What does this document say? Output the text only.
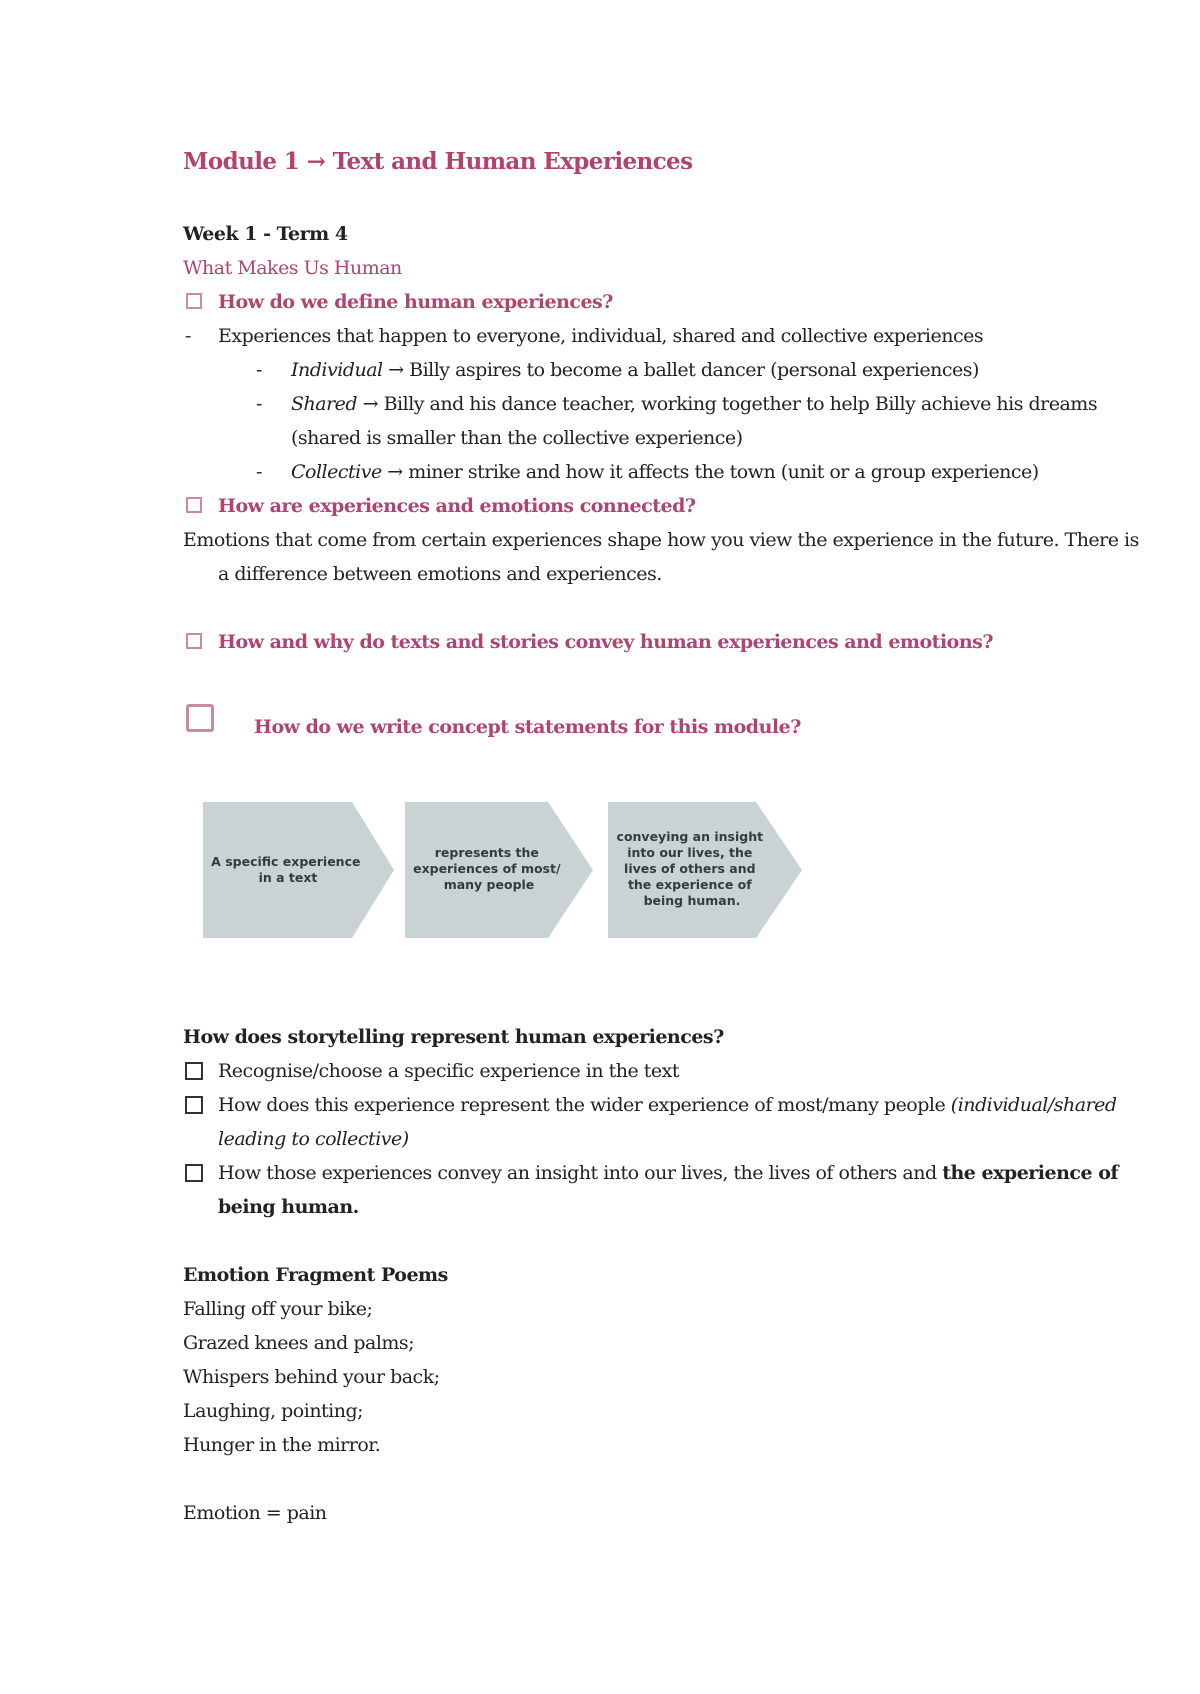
Module 1 → Text and Human Experiences
Week 1 - Term 4
What Makes Us Human
How do we define human experiences?
- Experiences that happen to everyone, individual, shared and collective experiences
- Individual → Billy aspires to become a ballet dancer (personal experiences)
- Shared → Billy and his dance teacher, working together to help Billy achieve his dreams
(shared is smaller than the collective experience)
- Collective → miner strike and how it affects the town (unit or a group experience)
How are experiences and emotions connected?
Emotions that come from certain experiences shape how you view the experience in the future. There is
a difference between emotions and experiences.
How and why do texts and stories convey human experiences and emotions?
How do we write concept statements for this module?
A specific experience in a text
represents the experiences of most/ many people
conveying an insight into our lives, the lives of others and the experience of being human.
How does storytelling represent human experiences?
Recognise/choose a specific experience in the text
How does this experience represent the wider experience of most/many people (individual/shared
leading to collective)
How those experiences convey an insight into our lives, the lives of others and the experience of
being human.
Emotion Fragment Poems
Falling off your bike;
Grazed knees and palms;
Whispers behind your back;
Laughing, pointing;
Hunger in the mirror.
Emotion = pain
